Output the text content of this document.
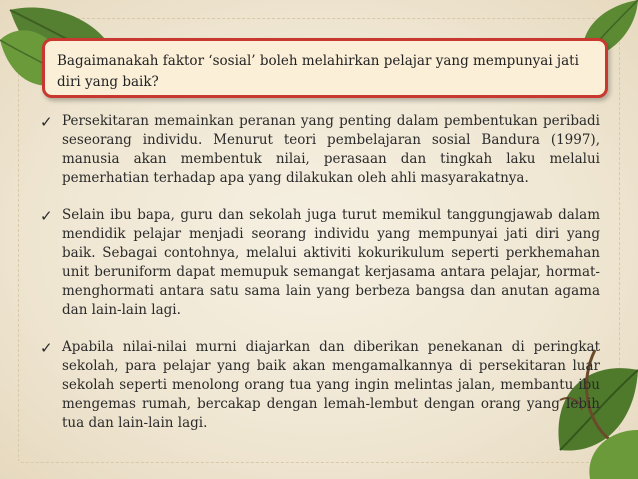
Bagaimanakah faktor ‘sosial’ boleh melahirkan pelajar yang mempunyai jati diri yang baik?
✓ Persekitaran memainkan peranan yang penting dalam pembentukan peribadi seseorang individu. Menurut teori pembelajaran sosial Bandura (1997), manusia akan membentuk nilai, perasaan dan tingkah laku melalui pemerhatian terhadap apa yang dilakukan oleh ahli masyarakatnya.
✓ Selain ibu bapa, guru dan sekolah juga turut memikul tanggungjawab dalam mendidik pelajar menjadi seorang individu yang mempunyai jati diri yang baik. Sebagai contohnya, melalui aktiviti kokurikulum seperti perkhemahan unit beruniform dapat memupuk semangat kerjasama antara pelajar, hormat-menghormati antara satu sama lain yang berbeza bangsa dan anutan agama dan lain-lain lagi.
✓ Apabila nilai-nilai murni diajarkan dan diberikan penekanan di peringkat sekolah, para pelajar yang baik akan mengamalkannya di persekitaran luar sekolah seperti menolong orang tua yang ingin melintas jalan, membantu ibu mengemas rumah, bercakap dengan lemah-lembut dengan orang yang lebih tua dan lain-lain lagi.
